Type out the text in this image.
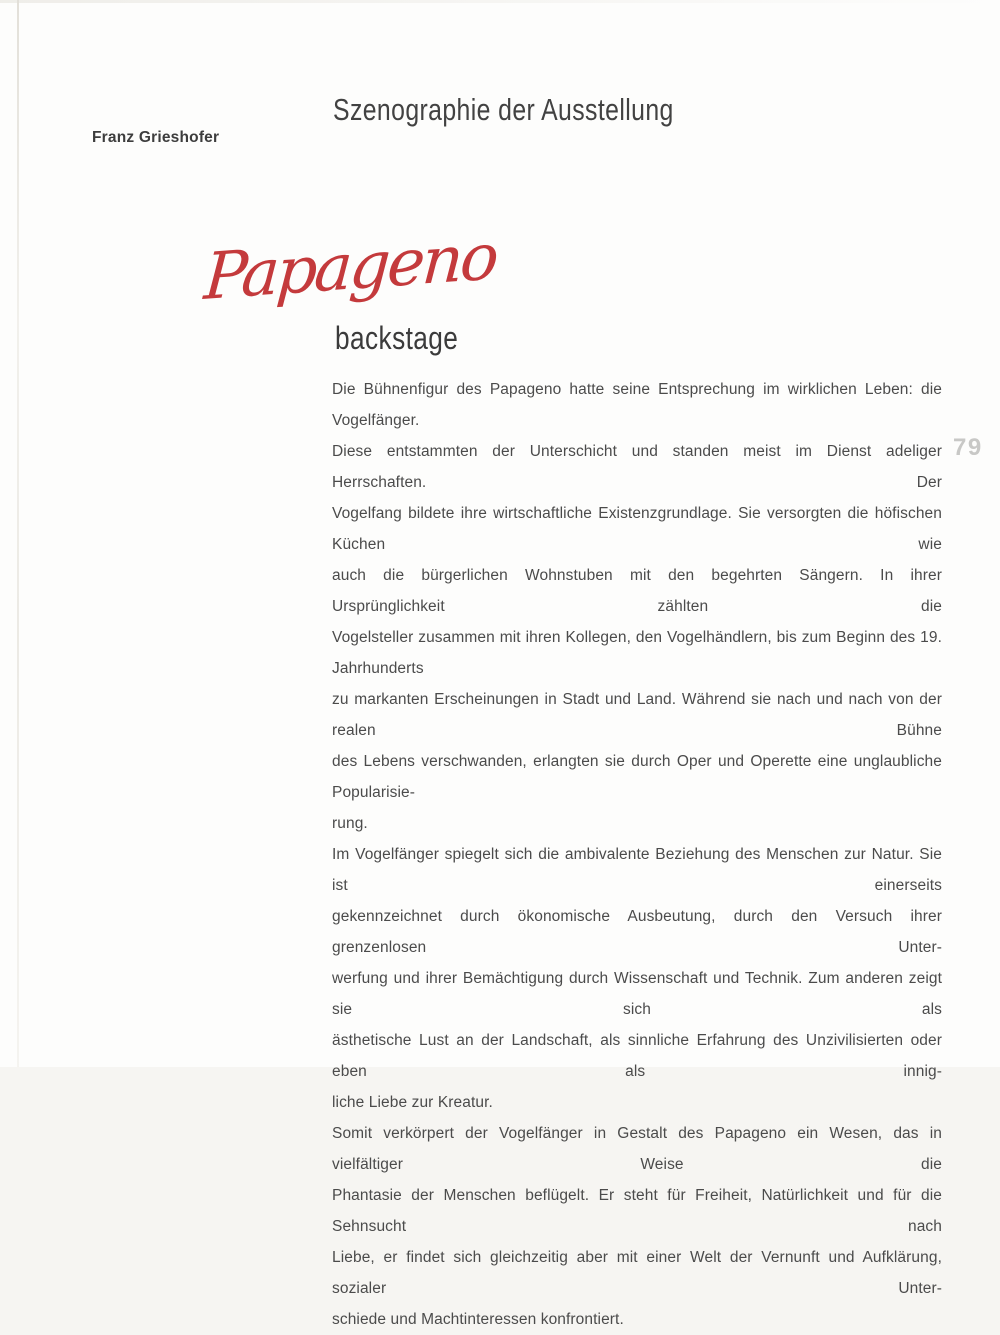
Szenographie der Ausstellung
Franz Grieshofer
Papageno
backstage
Die Bühnenfigur des Papageno hatte seine Entsprechung im wirklichen Leben: die Vogelfänger.
Diese entstammten der Unterschicht und standen meist im Dienst adeliger Herrschaften. Der
Vogelfang bildete ihre wirtschaftliche Existenzgrundlage. Sie versorgten die höfischen Küchen wie
auch die bürgerlichen Wohnstuben mit den begehrten Sängern. In ihrer Ursprünglichkeit zählten die
Vogelsteller zusammen mit ihren Kollegen, den Vogelhändlern, bis zum Beginn des 19. Jahrhunderts
zu markanten Erscheinungen in Stadt und Land. Während sie nach und nach von der realen Bühne
des Lebens verschwanden, erlangten sie durch Oper und Operette eine unglaubliche Popularisie-
rung.
Im Vogelfänger spiegelt sich die ambivalente Beziehung des Menschen zur Natur. Sie ist einerseits
gekennzeichnet durch ökonomische Ausbeutung, durch den Versuch ihrer grenzenlosen Unter-
werfung und ihrer Bemächtigung durch Wissenschaft und Technik. Zum anderen zeigt sie sich als
ästhetische Lust an der Landschaft, als sinnliche Erfahrung des Unzivilisierten oder eben als innig-
liche Liebe zur Kreatur.
Somit verkörpert der Vogelfänger in Gestalt des Papageno ein Wesen, das in vielfältiger Weise die
Phantasie der Menschen beflügelt. Er steht für Freiheit, Natürlichkeit und für die Sehnsucht nach
Liebe, er findet sich gleichzeitig aber mit einer Welt der Vernunft und Aufklärung, sozialer Unter-
schiede und Machtinteressen konfrontiert.
79
